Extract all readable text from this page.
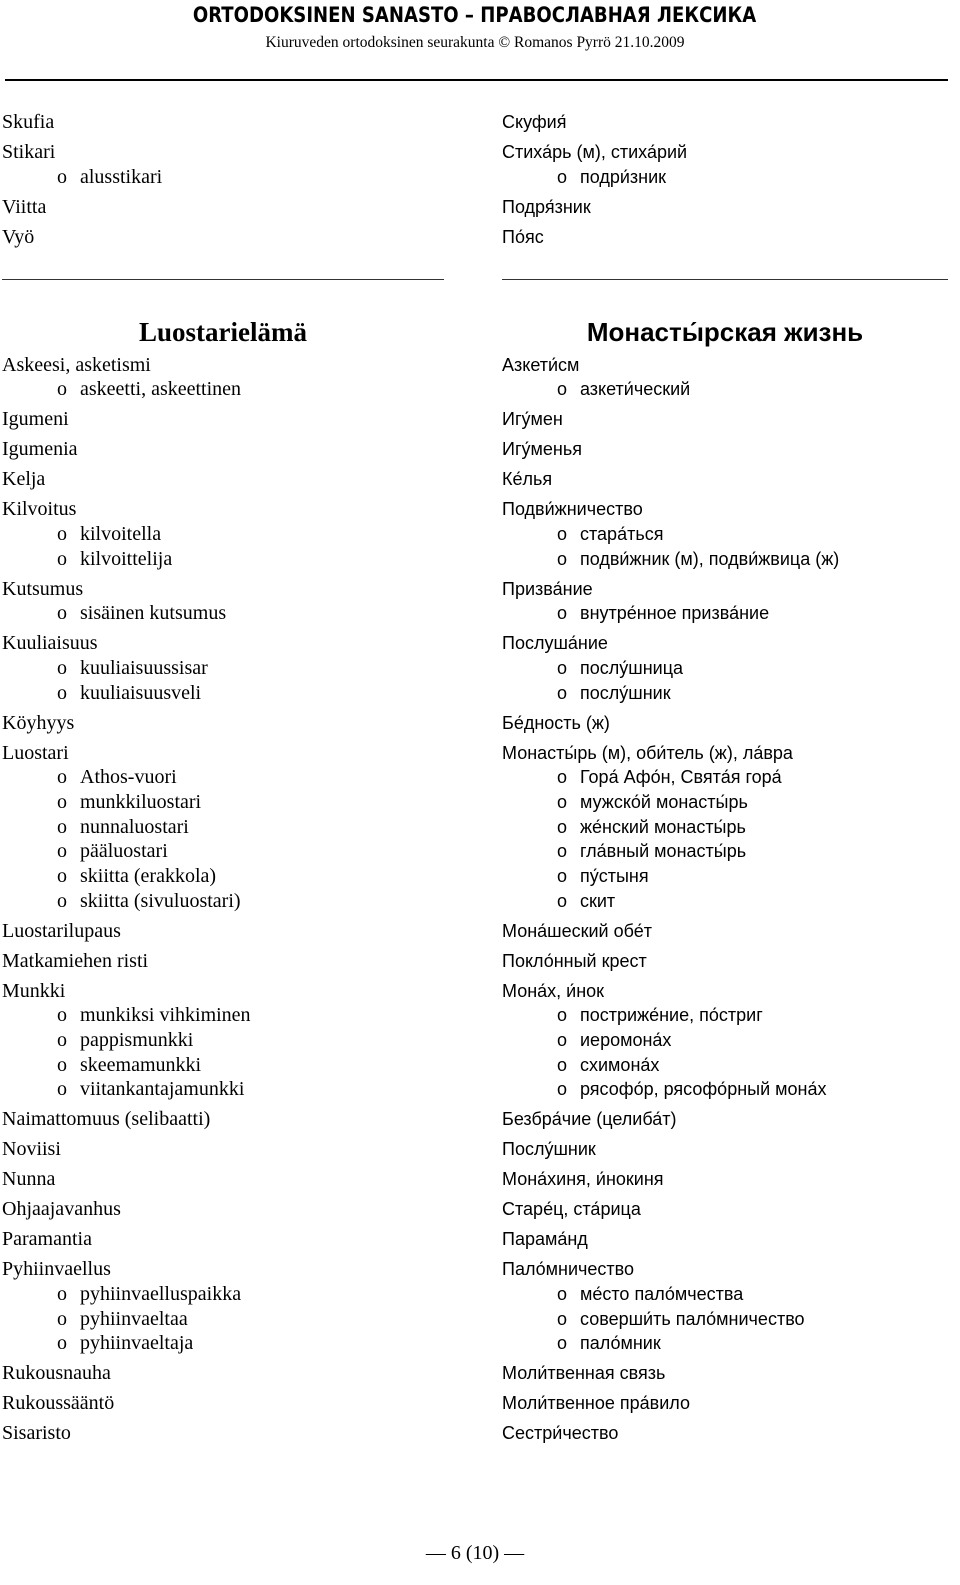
ORTODOKSINEN SANASTO – ПРАВОСЛАВНАЯ ЛЕКСИКА
Kiuruveden ortodoksinen seurakunta © Romanos Pyrrö 21.10.2009
Skufia	Скуфия́
Stikari	Стиха́рь (м), стиха́рий
o alusstikari	o подри́зник
Viitta	Подря́зник
Vyö	По́яс
Luostarielämä	Монасты́рская жизнь
Askeesi, asketismi	Азкети́см
o askeetti, askeettinen	o азкети́ческий
Igumeni	Игу́мен
Igumenia	Игу́менья
Kelja	Ке́лья
Kilvoitus	Подви́жничество
o kilvoitella	o стара́ться
o kilvoittelija	o подви́жник (м), подви́жвица (ж)
Kutsumus	Призва́ние
o sisäinen kutsumus	o внутре́нное призва́ние
Kuuliaisuus	Послуша́ние
o kuuliaisuussisar	o послу́шница
o kuuliaisuusveli	o послу́шник
Köyhyys	Бе́дность (ж)
Luostari	Монасты́рь (м), оби́тель (ж), ла́вра
o Athos-vuori	o Гора́ Афо́н, Свята́я гора́
o munkkiluostari	o мужско́й монасты́рь
o nunnaluostari	o же́нский монасты́рь
o pääluostari	o гла́вный монасты́рь
o skiitta (erakkola)	o пу́стыня
o skiitta (sivuluostari)	o скит
Luostarilupaus	Мона́шеский обе́т
Matkamiehen risti	Покло́нный крест
Munkki	Мона́х, и́нок
o munkiksi vihkiminen	o постриже́ние, по́стриг
o pappismunkki	o иеромона́х
o skeemamunkki	o схимона́х
o viitankantajamunkki	o рясофо́р, рясофо́рный мона́х
Naimattomuus (selibaatti)	Безбра́чие (целиба́т)
Noviisi	Послу́шник
Nunna	Мона́хиня, и́нокиня
Ohjaajavanhus	Старе́ц, ста́рица
Paramantia	Парама́нд
Pyhiinvaellus	Пало́мничество
o pyhiinvaelluspaikka	o ме́сто пало́мчества
o pyhiinvaeltaa	o соверши́ть пало́мничество
o pyhiinvaeltaja	o пало́мник
Rukousnauha	Моли́твенная связь
Rukoussääntö	Моли́твенное пра́вило
Sisaristo	Сестри́чество
— 6 (10) —
